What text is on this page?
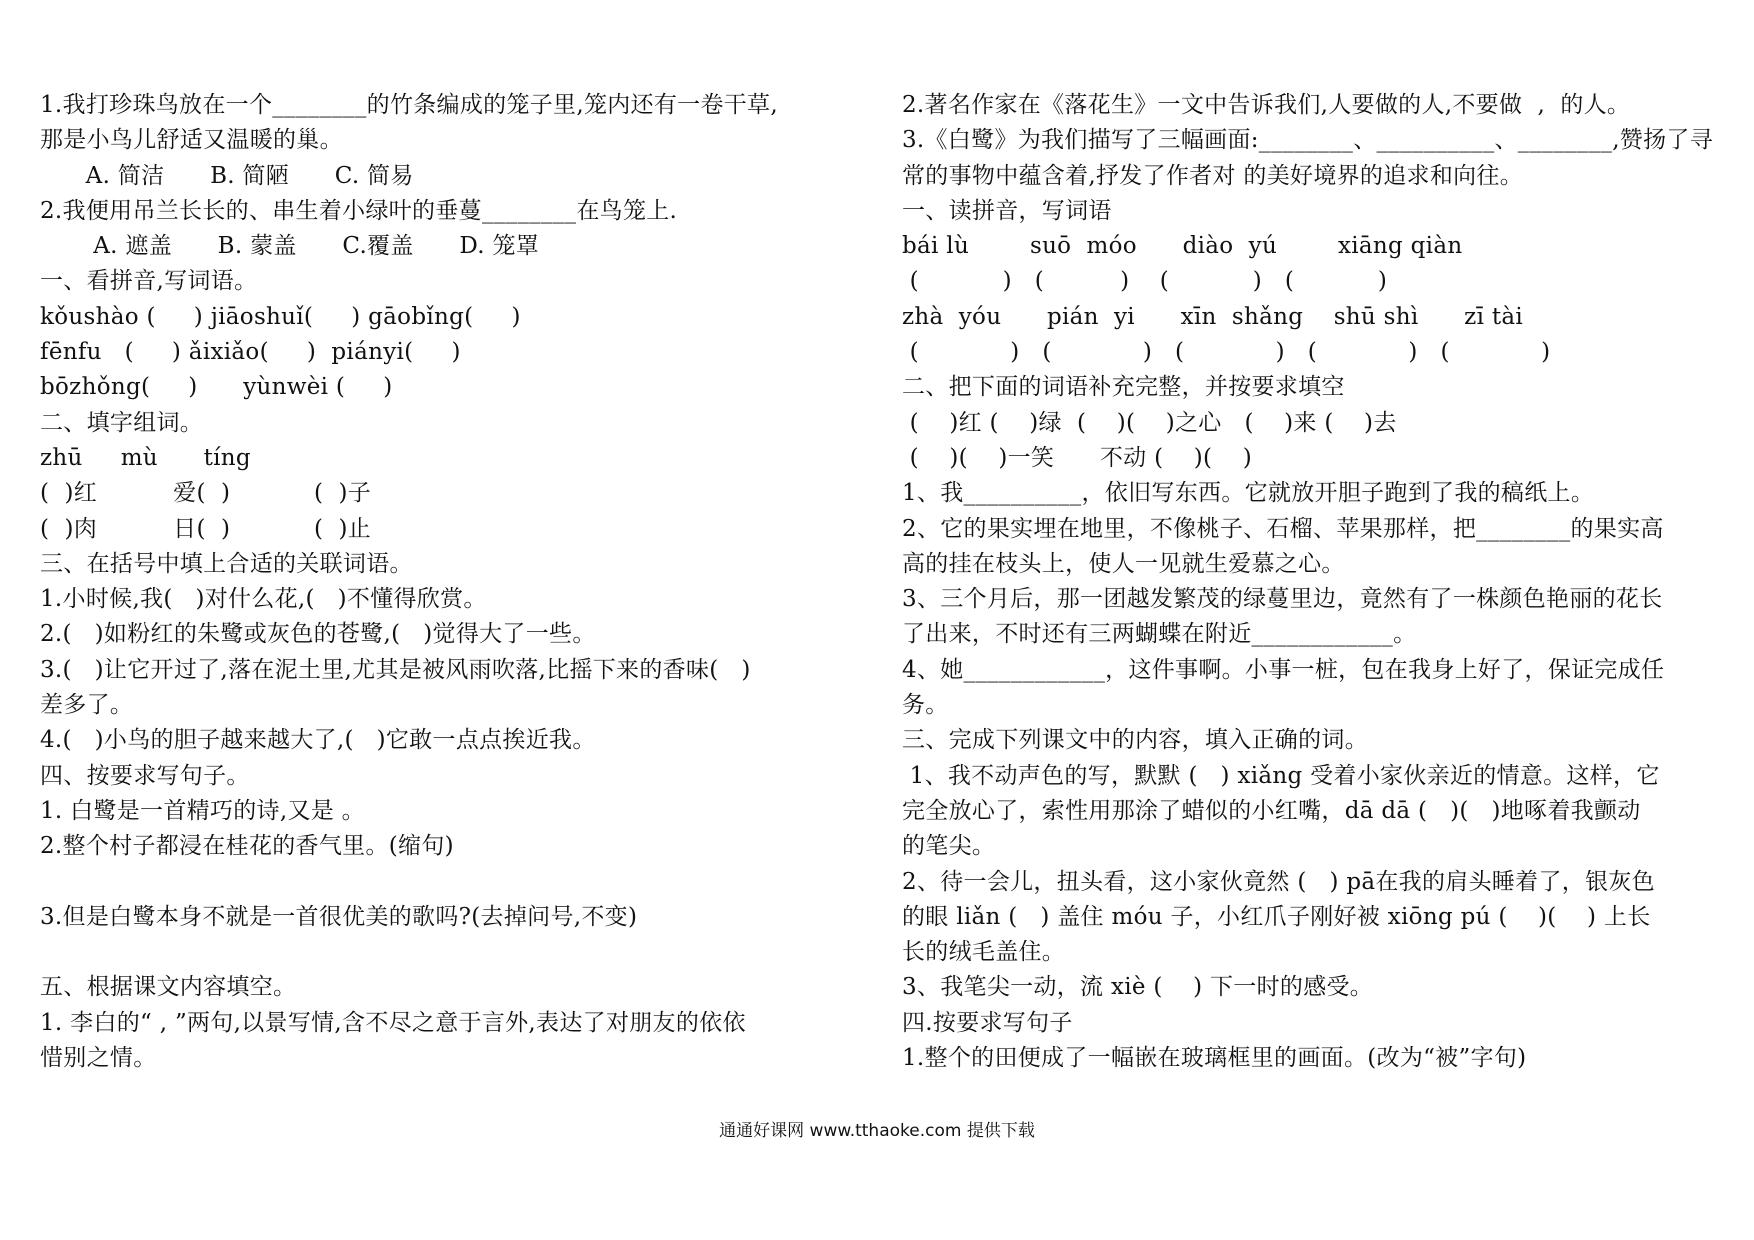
1.我打珍珠鸟放在一个________的竹条编成的笼子里,笼内还有一卷干草,
那是小鸟儿舒适又温暖的巢。
A. 简洁      B. 简陋      C. 简易
2.我便用吊兰长长的、串生着小绿叶的垂蔓________在鸟笼上.
A. 遮盖      B. 蒙盖      C.覆盖      D. 笼罩
一、看拼音,写词语。
kǒushào (     ) jiāoshuǐ(     ) gāobǐng(     )
fēnfu   (     ) ǎixiǎo(     )  piányi(     )
bōzhǒng(     )      yùnwèi (     )
二、填字组词。
zhū     mù      tíng
(  )红          爱(  )           (  )子
(  )肉          日(  )           (  )止
三、在括号中填上合适的关联词语。
1.小时候,我(   )对什么花,(   )不懂得欣赏。
2.(   )如粉红的朱鹭或灰色的苍鹭,(   )觉得大了一些。
3.(   )让它开过了,落在泥土里,尤其是被风雨吹落,比摇下来的香味(   )
差多了。
4.(   )小鸟的胆子越来越大了,(   )它敢一点点挨近我。
四、按要求写句子。
1. 白鹭是一首精巧的诗,又是 。
2.整个村子都浸在桂花的香气里。(缩句)
3.但是白鹭本身不就是一首很优美的歌吗?(去掉问号,不变)
五、根据课文内容填空。
1. 李白的“ , ”两句,以景写情,含不尽之意于言外,表达了对朋友的依依
惜别之情。
2.著名作家在《落花生》一文中告诉我们,人要做的人,不要做  ,  的人。
3.《白鹭》为我们描写了三幅画面:________、__________、________,赞扬了寻
常的事物中蕴含着,抒发了作者对 的美好境界的追求和向往。
一、读拼音，写词语
bái lù        suō  móo      diào  yú        xiāng qiàn
(           )   (          )    (           )   (           )
zhà  yóu      pián  yi      xīn  shǎng    shū shì      zī tài
(            )   (            )   (            )   (            )   (            )
二、把下面的词语补充完整，并按要求填空
(    )红 (    )绿  (    )(    )之心   (    )来 (    )去
(    )(    )一笑      不动 (    )(    )
1、我__________，依旧写东西。它就放开胆子跑到了我的稿纸上。
2、它的果实埋在地里，不像桃子、石榴、苹果那样，把________的果实高
高的挂在枝头上，使人一见就生爱慕之心。
3、三个月后，那一团越发繁茂的绿蔓里边，竟然有了一株颜色艳丽的花长
了出来，不时还有三两蝴蝶在附近____________。
4、她____________，这件事啊。小事一桩，包在我身上好了，保证完成任
务。
三、完成下列课文中的内容，填入正确的词。
1、我不动声色的写，默默 (   ) xiǎng 受着小家伙亲近的情意。这样，它
完全放心了，索性用那涂了蜡似的小红嘴，dā dā (   )(   )地啄着我颤动
的笔尖。
2、待一会儿，扭头看，这小家伙竟然 (   ) pā在我的肩头睡着了，银灰色
的眼 liǎn (   ) 盖住 móu 子，小红爪子刚好被 xiōng pú (    )(    ) 上长
长的绒毛盖住。
3、我笔尖一动，流 xiè (    ) 下一时的感受。
四.按要求写句子
1.整个的田便成了一幅嵌在玻璃框里的画面。(改为“被”字句)
通通好课网 www.tthaoke.com 提供下载
